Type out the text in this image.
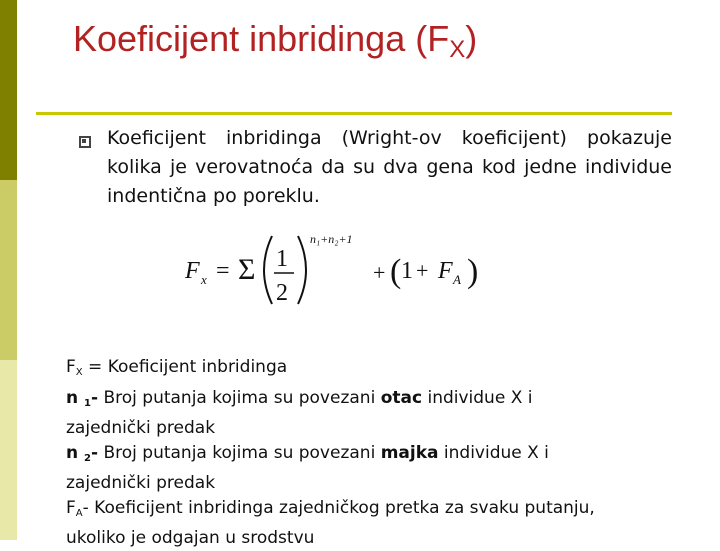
Koeficijent inbridinga $(F_X)$
Koeficijent inbridinga (Wright-ov koeficijent) pokazuje kolika je verovatnoća da su dva gena kod jedne individue indentična po poreklu.
F x = Σ 1
2
n₁+n₂+1
+ ( 1 + F A )
$F_X$ = Koeficijent inbridinga
n $_1$- Broj putanja kojima su povezani otac individue X i
zajednički predak
n $_2$- Broj putanja kojima su povezani majka individue X i
zajednički predak
$F_A-$ Koeficijent inbridinga zajedničkog pretka za svaku putanju,
ukoliko je odgajan u srodstvu
